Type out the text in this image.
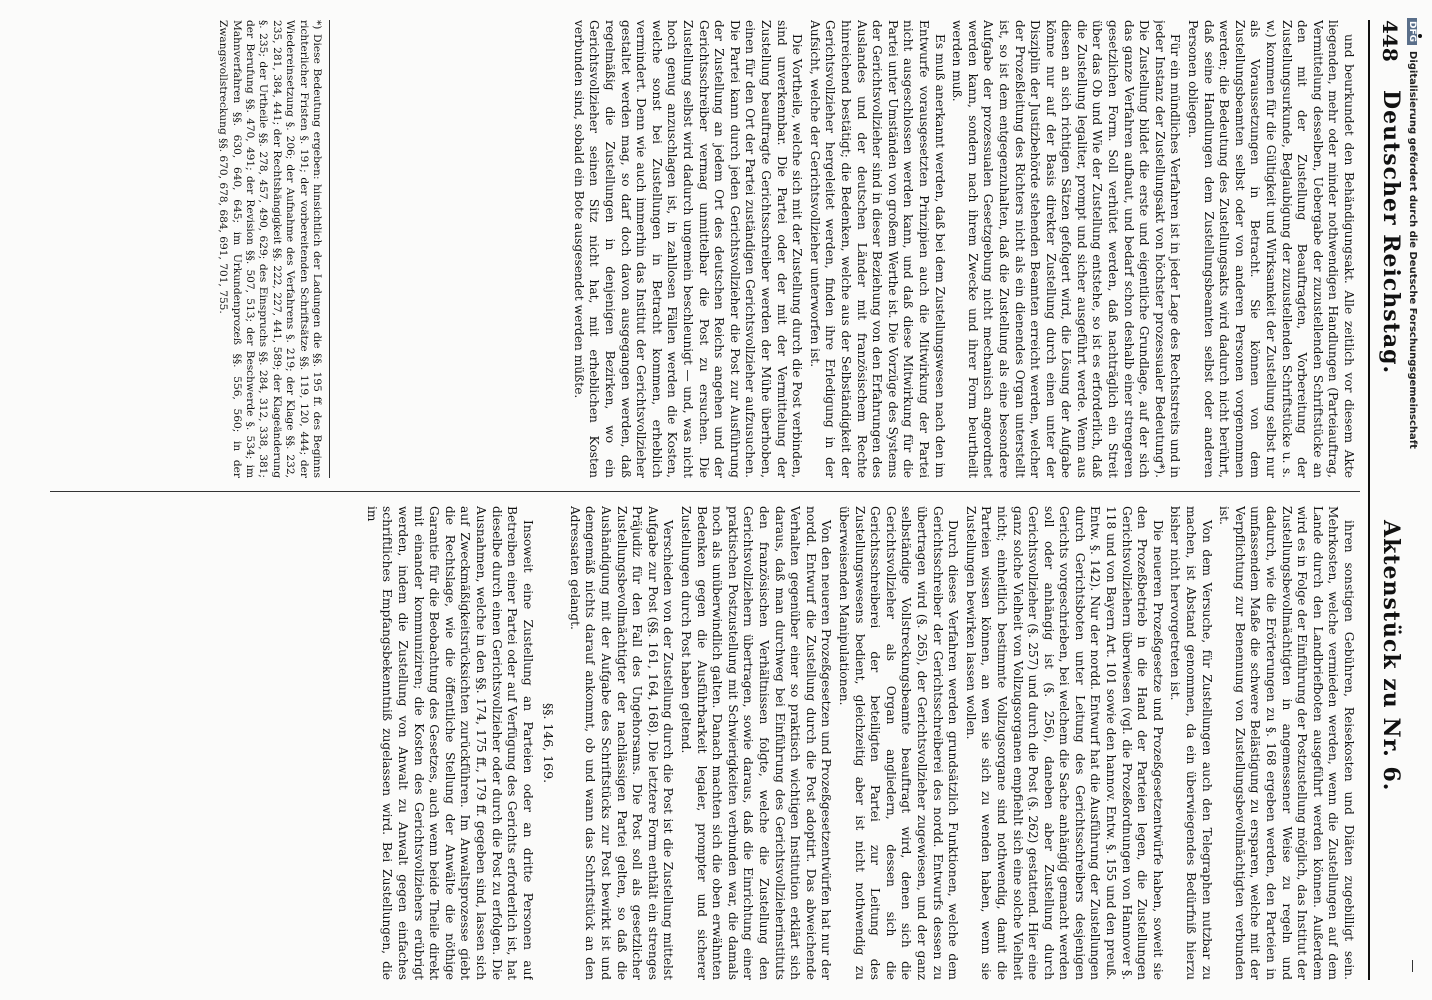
448
Deutscher Reichstag.
Aktenstück zu Nr. 6.

und beurkundet den Behändigungsakt. Alle zeitlich vor diesem Akte liegenden, mehr oder minder nothwendigen Handlungen (Parteiauftrag, Vermittelung desselben, Uebergabe der zuzustellenden Schriftstücke an den mit der Zustellung Beauftragten, Vorbereitung der Zustellungsurkunde, Beglaubigung der zuzustellenden Schriftstücke u. s. w.) kommen für die Gültigkeit und Wirksamkeit der Zustellung selbst nur als Voraussetzungen in Betracht. Sie können von dem Zustellungsbeamten selbst oder von anderen Personen vorgenommen werden; die Bedeutung des Zustellungsakts wird dadurch nicht berührt, daß seine Handlungen dem Zustellungsbeamten selbst oder anderen Personen obliegen.

Für ein mündliches Verfahren ist in jeder Lage des Rechtsstreits und in jeder Instanz der Zustellungsakt von höchster prozessualer Bedeutung*). Die Zustellung bildet die erste und eigentliche Grundlage, auf der sich das ganze Verfahren aufbaut, und bedarf schon deshalb einer strengeren gesetzlichen Form. Soll verhütet werden, daß nachträglich ein Streit über das Ob und Wie der Zustellung entstehe, so ist es erforderlich, daß die Zustellung legaliter, prompt und sicher ausgeführt werde. Wenn aus diesen an sich richtigen Sätzen gefolgert wird, die Lösung der Aufgabe könne nur auf der Basis direkter Zustellung durch einen unter der Disziplin der Justizbehörde stehenden Beamten erreicht werden, welcher der Prozeßleitung des Richters nicht als ein dienendes Organ unterstellt ist, so ist dem entgegenzuhalten, daß die Zustellung als eine besondere Aufgabe der prozessualen Gesetzgebung nicht mechanisch angeordnet werden kann, sondern nach ihrem Zwecke und ihrer Form beurtheilt werden muß.

Es muß anerkannt werden, daß bei dem Zustellungswesen nach den im Entwurfe vorausgesetzten Prinzipien auch die Mitwirkung der Partei nicht ausgeschlossen werden kann, und daß diese Mitwirkung für die Partei unter Umständen von großem Werthe ist. Die Vorzüge des Systems der Gerichtsvollzieher sind in dieser Beziehung von den Erfahrungen des Auslandes und der deutschen Länder mit französischem Rechte hinreichend bestätigt; die Bedenken, welche aus der Selbständigkeit der Gerichtsvollzieher hergeleitet werden, finden ihre Erledigung in der Aufsicht, welche der Gerichtsvollzieher unterworfen ist.

Die Vortheile, welche sich mit der Zustellung durch die Post verbinden, sind unverkennbar. Die Partei oder der mit der Vermittelung der Zustellung beauftragte Gerichtsschreiber werden der Mühe überhoben, einen für den Ort der Partei zuständigen Gerichtsvollzieher aufzusuchen. Die Partei kann durch jeden Gerichtsvollzieher die Post zur Ausführung der Zustellung an jedem Ort des deutschen Reichs angehen und der Gerichtsschreiber vermag unmittelbar die Post zu ersuchen. Die Zustellung selbst wird dadurch ungemein beschleunigt — und, was nicht hoch genug anzuschlagen ist, in zahllosen Fällen werden die Kosten, welche sonst bei Zustellungen in Betracht kommen, erheblich vermindert. Denn wie auch immerhin das Institut der Gerichtsvollzieher gestaltet werden mag, so darf doch davon ausgegangen werden, daß regelmäßig die Zustellungen in denjenigen Bezirken, wo ein Gerichtsvollzieher seinen Sitz nicht hat, mit erheblichen Kosten verbunden sind, sobald ein Bote ausgesendet werden müßte.

*) Diese Bedeutung ergeben: hinsichtlich der Ladungen die §§. 195 ff. des Beginns richterlicher Fristen §. 191; der vorbereitenden Schriftsätze §§. 119, 120, 444; der Wiedereinsetzung §. 206; der Aufnahme des Verfahrens §. 219; der Klage §§. 232, 235, 281, 384, 441; der Rechtshängigkeit §§. 222, 227, 441, 589; der Klageänderung §. 235; der Urtheile §§. 278, 457, 490, 629; des Einspruchs §§. 284, 312, 338, 381; der Berufung §§. 470, 491; der Revision §§. 507, 513; der Beschwerde §. 534; im Mahnverfahren §§. 630, 640, 645; im Urkundenprozeß §§. 556, 560; in der Zwangsvollstreckung §§. 670, 678, 684, 691, 701, 755.

ihren sonstigen Gebühren, Reisekosten und Diäten zugebilligt sein. Mehrkosten, welche vermieden werden, wenn die Zustellungen auf dem Lande durch den Landbriefboten ausgeführt werden können. Außerdem wird es in Folge der Einführung der Postzustellung möglich, das Institut der Zustellungsbevollmächtigten in angemessener Weise zu regeln und dadurch, wie die Erörterungen zu §. 168 ergeben werden, den Parteien in umfassendem Maße die schwere Belästigung zu ersparen, welche mit der Verpflichtung zur Benennung von Zustellungsbevollmächtigten verbunden ist.

Von dem Versuche, für Zustellungen auch den Telegraphen nutzbar zu machen, ist Abstand genommen, da ein überwiegendes Bedürfniß hierzu bisher nicht hervorgetreten ist.

Die neueren Prozeßgesetze und Prozeßgesetzentwürfe haben, soweit sie den Prozeßbetrieb in die Hand der Parteien legen, die Zustellungen Gerichtsvollziehern überwiesen (vgl. die Prozeßordnungen von Hannover §. 118 und von Bayern Art. 101 sowie den hannov. Entw. §. 155 und den preuß. Entw. §. 142). Nur der nordd. Entwurf hat die Ausführung der Zustellungen durch Gerichtsboten unter Leitung des Gerichtsschreibers desjenigen Gerichts vorgeschrieben, bei welchem die Sache anhängig gemacht werden soll oder anhängig ist (§. 256), daneben aber Zustellung durch Gerichtsvollzieher (§. 257) und durch die Post (§. 262) gestattend. Hier eine ganz solche Vielheit von Vollzugsorganen empfiehlt sich eine solche Vielheit nicht; einheitlich bestimmte Vollzugsorgane sind nothwendig, damit die Parteien wissen können, an wen sie sich zu wenden haben, wenn sie Zustellungen bewirken lassen wollen.

Durch dieses Verfahren werden grundsätzlich Funktionen, welche dem Gerichtsschreiber der Gerichtsschreiberei des nordd. Entwurfs dessen zu übertragen wird (§. 265), der Gerichtsvollzieher zugewiesen, und der ganz selbständige Vollstreckungsbeamte beauftragt wird, denen sich die Gerichtsvollzieher als Organ angliedern, dessen sich die Gerichtsschreiberei der beteiligten Partei zur Leitung des Zustellungswesens bedient, gleichzeitig aber ist nicht nothwendig zu überweisenden Manipulationen.

Von den neueren Prozeßgesetzen und Prozeßgesetzentwürfen hat nur der nordd. Entwurf die Zustellung durch die Post adoptirt. Das abweichende Verhalten gegenüber einer so praktisch wichtigen Institution erklärt sich daraus, daß man durchweg bei Einführung des Gerichtsvollzieherinstituts den französischen Verhältnissen folgte, welche die Zustellung den Gerichtsvollziehern übertragen, sowie daraus, daß die Einrichtung einer praktischen Postzustellung mit Schwierigkeiten verbunden war, die damals noch als unüberwindlich galten. Danach machten sich die oben erwähnten Bedenken gegen die Ausführbarkeit legaler, prompter und sicherer Zustellungen durch Post haben geltend.

Verschieden von der Zustellung durch die Post ist die Zustellung mittelst Aufgabe zur Post (§§. 161, 164, 168). Die letztere Form enthält ein strenges Präjudiz für den Fall des Ungehorsams. Die Post soll als gesetzlicher Zustellungsbevollmächtigter der nachlässigen Partei gelten, so daß die Aushändigung mit der Aufgabe des Schriftstücks zur Post bewirkt ist und demgemäß nichts darauf ankommt, ob und wann das Schriftstück an den Adressaten gelangt.

§§. 146, 169.

Insoweit eine Zustellung an Parteien oder an dritte Personen auf Betreiben einer Partei oder auf Verfügung des Gerichts erforderlich ist, hat dieselbe durch einen Gerichtsvollzieher oder durch die Post zu erfolgen. Die Ausnahmen, welche in den §§. 174, 175 ff., 179 ff. gegeben sind, lassen sich auf Zweckmäßigkeitsrücksichten zurückführen. Im Anwaltsprozesse giebt die Rechtslage, wie die öffentliche Stellung der Anwälte die nöthige Garantie für die Beobachtung des Gesetzes, auch wenn beide Theile direkt mit einander kommuniziren; die Kosten des Gerichtsvollziehers erübrigt werden, indem die Zustellung von Anwalt zu Anwalt gegen einfaches schriftliches Empfangsbekenntniß zugelassen wird. Bei Zustellungen, die im

DFGDigitalisierung gefördert durch die Deutsche Forschungsgemeinschaft
